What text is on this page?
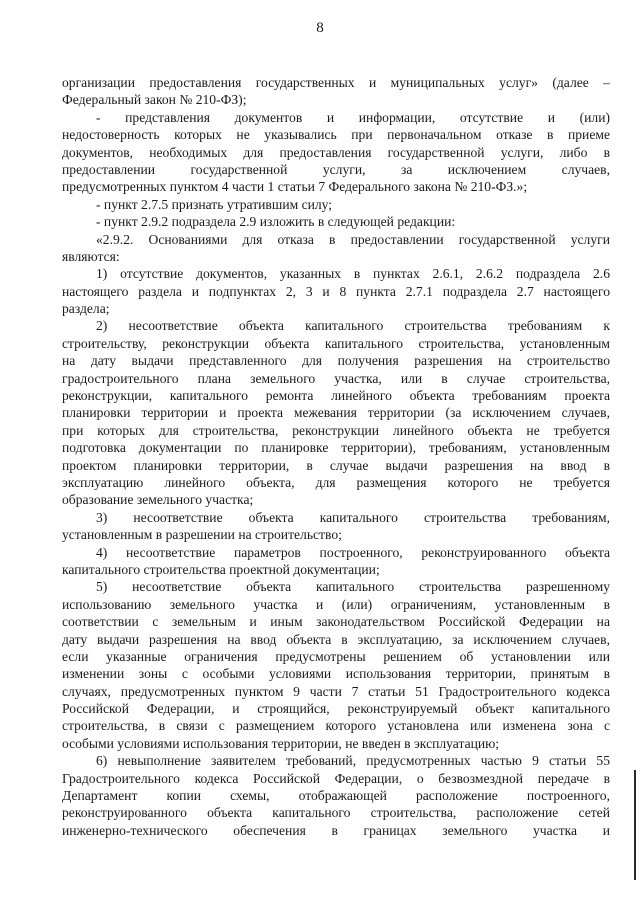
8
организации предоставления государственных и муниципальных услуг» (далее –
Федеральный закон № 210-ФЗ);
- представления документов и информации, отсутствие и (или)
недостоверность которых не указывались при первоначальном отказе в приеме
документов, необходимых для предоставления государственной услуги, либо в
предоставлении государственной услуги, за исключением случаев,
предусмотренных пунктом 4 части 1 статьи 7 Федерального закона № 210-ФЗ.»;
- пункт 2.7.5 признать утратившим силу;
- пункт 2.9.2 подраздела 2.9 изложить в следующей редакции:
«2.9.2. Основаниями для отказа в предоставлении государственной услуги
являются:
1) отсутствие документов, указанных в пунктах 2.6.1, 2.6.2 подраздела 2.6
настоящего раздела и подпунктах 2, 3 и 8 пункта 2.7.1 подраздела 2.7 настоящего
раздела;
2) несоответствие объекта капитального строительства требованиям к
строительству, реконструкции объекта капитального строительства, установленным
на дату выдачи представленного для получения разрешения на строительство
градостроительного плана земельного участка, или в случае строительства,
реконструкции, капитального ремонта линейного объекта требованиям проекта
планировки территории и проекта межевания территории (за исключением случаев,
при которых для строительства, реконструкции линейного объекта не требуется
подготовка документации по планировке территории), требованиям, установленным
проектом планировки территории, в случае выдачи разрешения на ввод в
эксплуатацию линейного объекта, для размещения которого не требуется
образование земельного участка;
3) несоответствие объекта капитального строительства требованиям,
установленным в разрешении на строительство;
4) несоответствие параметров построенного, реконструированного объекта
капитального строительства проектной документации;
5) несоответствие объекта капитального строительства разрешенному
использованию земельного участка и (или) ограничениям, установленным в
соответствии с земельным и иным законодательством Российской Федерации на
дату выдачи разрешения на ввод объекта в эксплуатацию, за исключением случаев,
если указанные ограничения предусмотрены решением об установлении или
изменении зоны с особыми условиями использования территории, принятым в
случаях, предусмотренных пунктом 9 части 7 статьи 51 Градостроительного кодекса
Российской Федерации, и строящийся, реконструируемый объект капитального
строительства, в связи с размещением которого установлена или изменена зона с
особыми условиями использования территории, не введен в эксплуатацию;
6) невыполнение заявителем требований, предусмотренных частью 9 статьи 55
Градостроительного кодекса Российской Федерации, о безвозмездной передаче в
Департамент копии схемы, отображающей расположение построенного,
реконструированного объекта капитального строительства, расположение сетей
инженерно-технического обеспечения в границах земельного участка и
